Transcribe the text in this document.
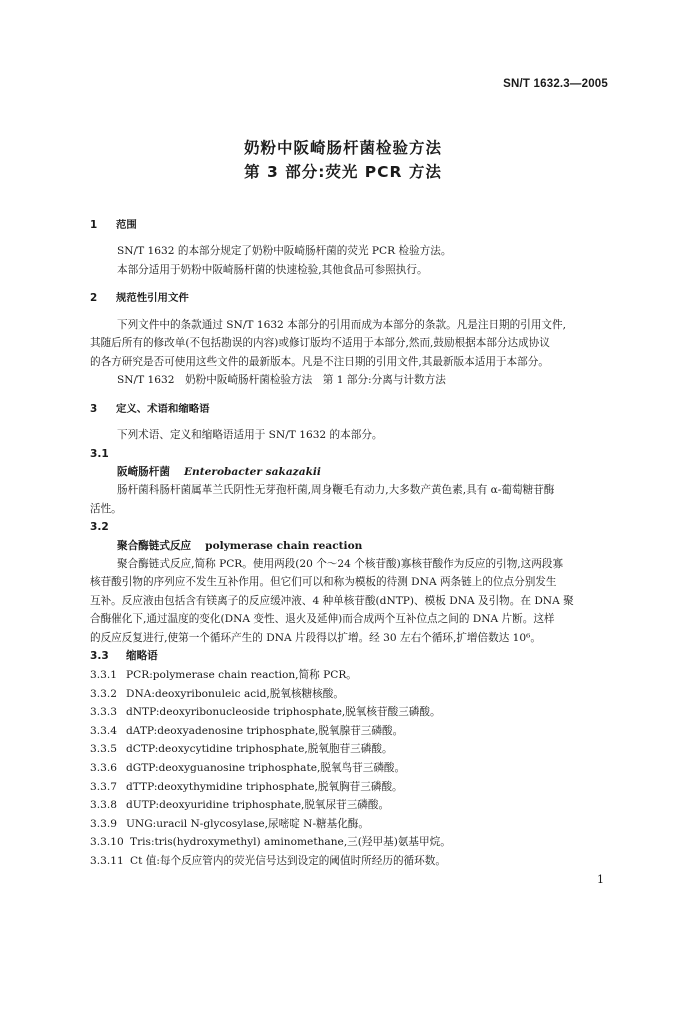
SN/T 1632.3—2005
奶粉中阪崎肠杆菌检验方法
第 3 部分:荧光 PCR 方法
1 范围
SN/T 1632 的本部分规定了奶粉中阪崎肠杆菌的荧光 PCR 检验方法。
本部分适用于奶粉中阪崎肠杆菌的快速检验,其他食品可参照执行。
2 规范性引用文件
下列文件中的条款通过 SN/T 1632 本部分的引用而成为本部分的条款。凡是注日期的引用文件,
其随后所有的修改单(不包括勘误的内容)或修订版均不适用于本部分,然而,鼓励根据本部分达成协议
的各方研究是否可使用这些文件的最新版本。凡是不注日期的引用文件,其最新版本适用于本部分。
SN/T 1632　奶粉中阪崎肠杆菌检验方法　第 1 部分:分离与计数方法
3 定义、术语和缩略语
下列术语、定义和缩略语适用于 SN/T 1632 的本部分。
3.1
阪崎肠杆菌 Enterobacter sakazakii
肠杆菌科肠杆菌属革兰氏阴性无芽孢杆菌,周身鞭毛有动力,大多数产黄色素,具有 α-葡萄糖苷酶
活性。
3.2
聚合酶链式反应 polymerase chain reaction
聚合酶链式反应,简称 PCR。使用两段(20 个～24 个核苷酸)寡核苷酸作为反应的引物,这两段寡
核苷酸引物的序列应不发生互补作用。但它们可以和称为模板的待测 DNA 两条链上的位点分别发生
互补。反应液由包括含有镁离子的反应缓冲液、4 种单核苷酸(dNTP)、模板 DNA 及引物。在 DNA 聚
合酶催化下,通过温度的变化(DNA 变性、退火及延伸)而合成两个互补位点之间的 DNA 片断。这样
的反应反复进行,使第一个循环产生的 DNA 片段得以扩增。经 30 左右个循环,扩增倍数达 10⁶。
3.3 缩略语
3.3.1 PCR:polymerase chain reaction,简称 PCR。
3.3.2 DNA:deoxyribonuleic acid,脱氧核糖核酸。
3.3.3 dNTP:deoxyribonucleoside triphosphate,脱氧核苷酸三磷酸。
3.3.4 dATP:deoxyadenosine triphosphate,脱氧腺苷三磷酸。
3.3.5 dCTP:deoxycytidine triphosphate,脱氧胞苷三磷酸。
3.3.6 dGTP:deoxyguanosine triphosphate,脱氧鸟苷三磷酸。
3.3.7 dTTP:deoxythymidine triphosphate,脱氧胸苷三磷酸。
3.3.8 dUTP:deoxyuridine triphosphate,脱氧尿苷三磷酸。
3.3.9 UNG:uracil N-glycosylase,尿嘧啶 N-糖基化酶。
3.3.10 Tris:tris(hydroxymethyl) aminomethane,三(羟甲基)氨基甲烷。
3.3.11 Ct 值:每个反应管内的荧光信号达到设定的阈值时所经历的循环数。
1
